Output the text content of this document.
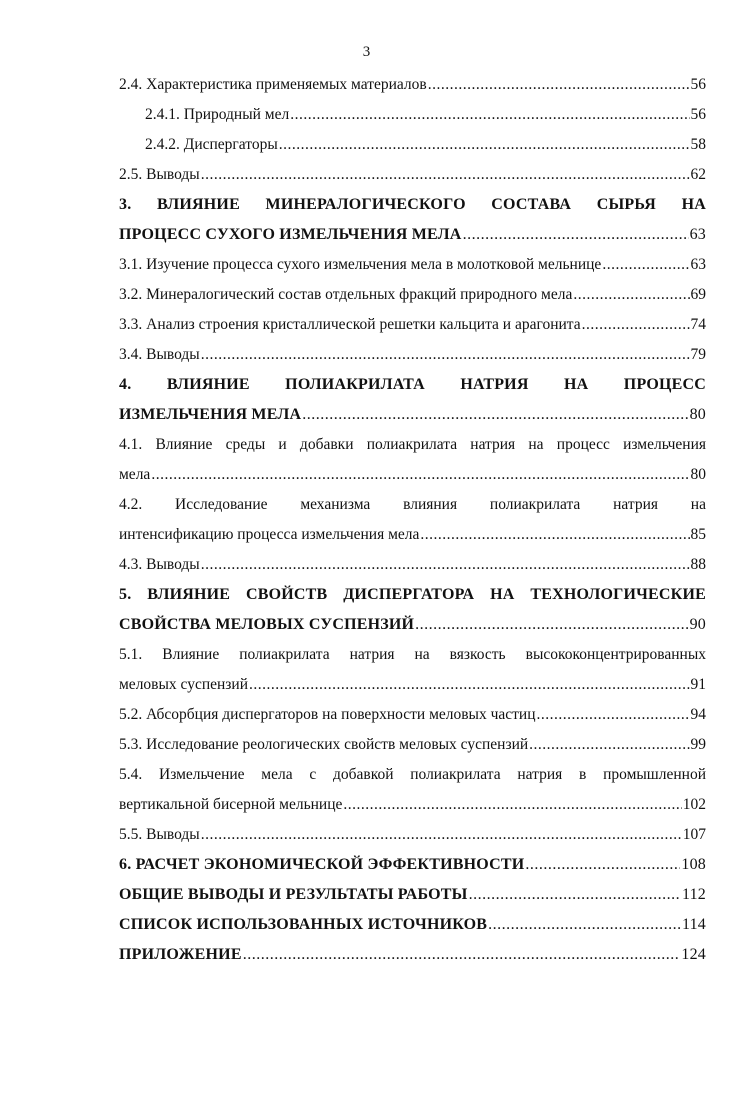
3
2.4. Характеристика применяемых материалов .....	56
2.4.1. Природный мел .....	56
2.4.2. Диспергаторы .....	58
2.5. Выводы .....	62
3. ВЛИЯНИЕ МИНЕРАЛОГИЧЕСКОГО СОСТАВА СЫРЬЯ НА
ПРОЦЕСС СУХОГО ИЗМЕЛЬЧЕНИЯ МЕЛА .....	63
3.1. Изучение процесса сухого измельчения мела в молотковой мельнице .....	63
3.2. Минералогический состав отдельных фракций природного мела .....	69
3.3. Анализ строения кристаллической решетки кальцита и арагонита .....	74
3.4. Выводы .....	79
4. ВЛИЯНИЕ ПОЛИАКРИЛАТА НАТРИЯ НА ПРОЦЕСС
ИЗМЕЛЬЧЕНИЯ МЕЛА .....	80
4.1. Влияние среды и добавки полиакрилата натрия на процесс измельчения
мела .....	80
4.2. Исследование механизма влияния полиакрилата натрия на
интенсификацию процесса измельчения мела .....	85
4.3. Выводы .....	88
5. ВЛИЯНИЕ СВОЙСТВ ДИСПЕРГАТОРА НА ТЕХНОЛОГИЧЕСКИЕ
СВОЙСТВА МЕЛОВЫХ СУСПЕНЗИЙ .....	90
5.1. Влияние полиакрилата натрия на вязкость высококонцентрированных
меловых суспензий .....	91
5.2. Абсорбция диспергаторов на поверхности меловых частиц .....	94
5.3. Исследование реологических свойств меловых суспензий .....	99
5.4. Измельчение мела с добавкой полиакрилата натрия в промышленной
вертикальной бисерной мельнице .....	102
5.5. Выводы .....	107
6. РАСЧЕТ ЭКОНОМИЧЕСКОЙ ЭФФЕКТИВНОСТИ .....	108
ОБЩИЕ ВЫВОДЫ И РЕЗУЛЬТАТЫ РАБОТЫ .....	112
СПИСОК ИСПОЛЬЗОВАННЫХ ИСТОЧНИКОВ .....	114
ПРИЛОЖЕНИЕ .....	124
